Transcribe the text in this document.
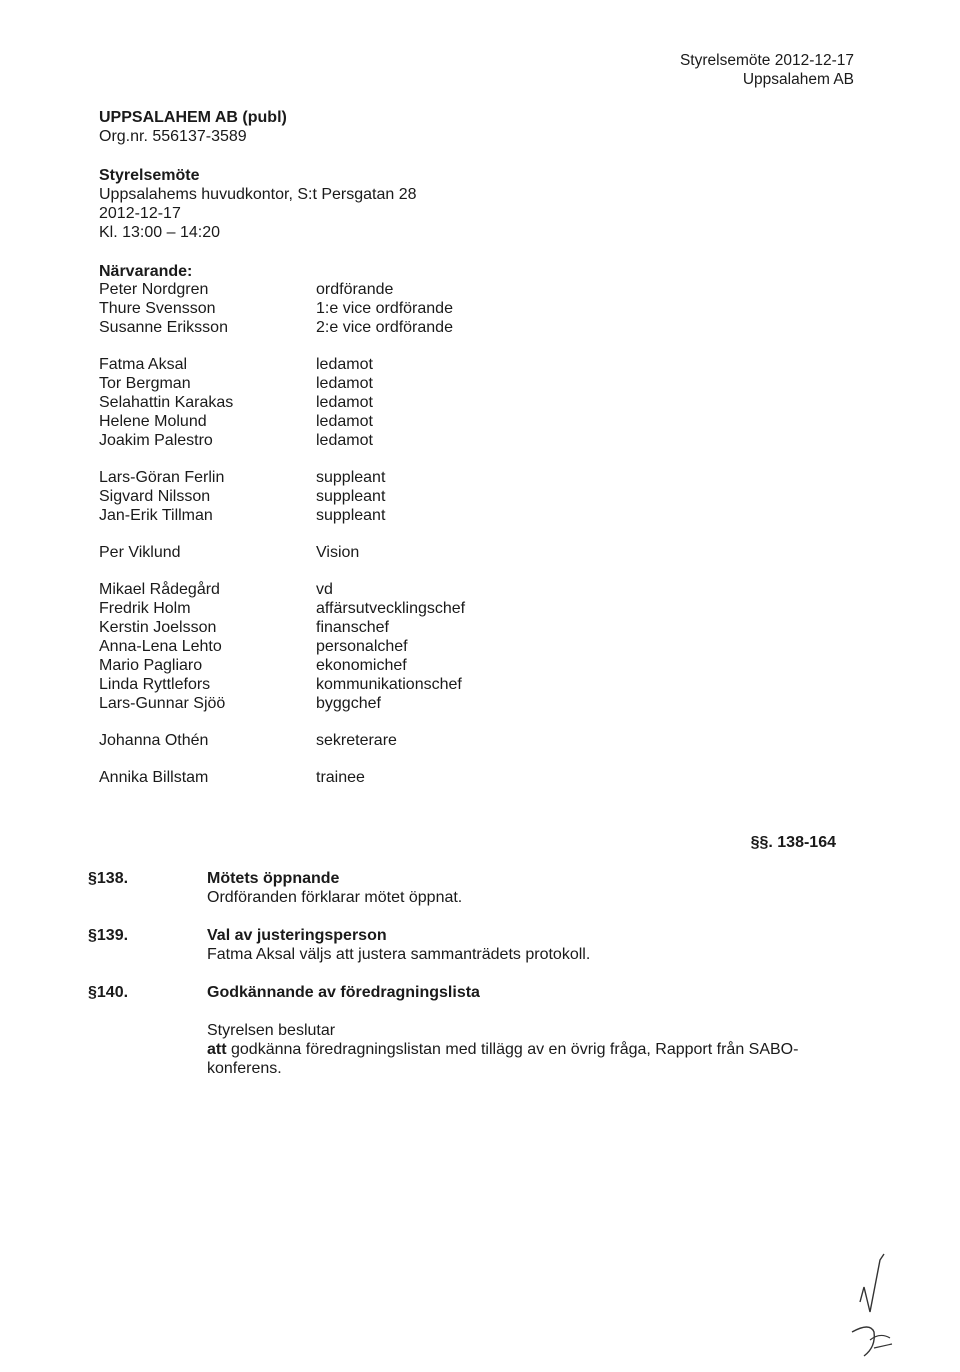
Styrelsemöte 2012-12-17
Uppsalahem AB
UPPSALAHEM AB (publ)
Org.nr. 556137-3589
Styrelsemöte
Uppsalahems huvudkontor, S:t Persgatan 28
2012-12-17
Kl. 13:00 – 14:20
Närvarande:
Peter Nordgren	ordförande
Thure Svensson	1:e vice ordförande
Susanne Eriksson	2:e vice ordförande
Fatma Aksal	ledamot
Tor Bergman	ledamot
Selahattin Karakas	ledamot
Helene Molund	ledamot
Joakim Palestro	ledamot
Lars-Göran Ferlin	suppleant
Sigvard Nilsson	suppleant
Jan-Erik Tillman	suppleant
Per Viklund	Vision
Mikael Rådegård	vd
Fredrik Holm	affärsutvecklingschef
Kerstin Joelsson	finanschef
Anna-Lena Lehto	personalchef
Mario Pagliaro	ekonomichef
Linda Ryttlefors	kommunikationschef
Lars-Gunnar Sjöö	byggchef
Johanna Othén	sekreterare
Annika Billstam	trainee
§§. 138-164
§138.	Mötets öppnande
Ordföranden förklarar mötet öppnat.
§139.	Val av justeringsperson
Fatma Aksal väljs att justera sammanträdets protokoll.
§140.	Godkännande av föredragningslista
Styrelsen beslutar
att godkänna föredragningslistan med tillägg av en övrig fråga, Rapport från SABO-konferens.
